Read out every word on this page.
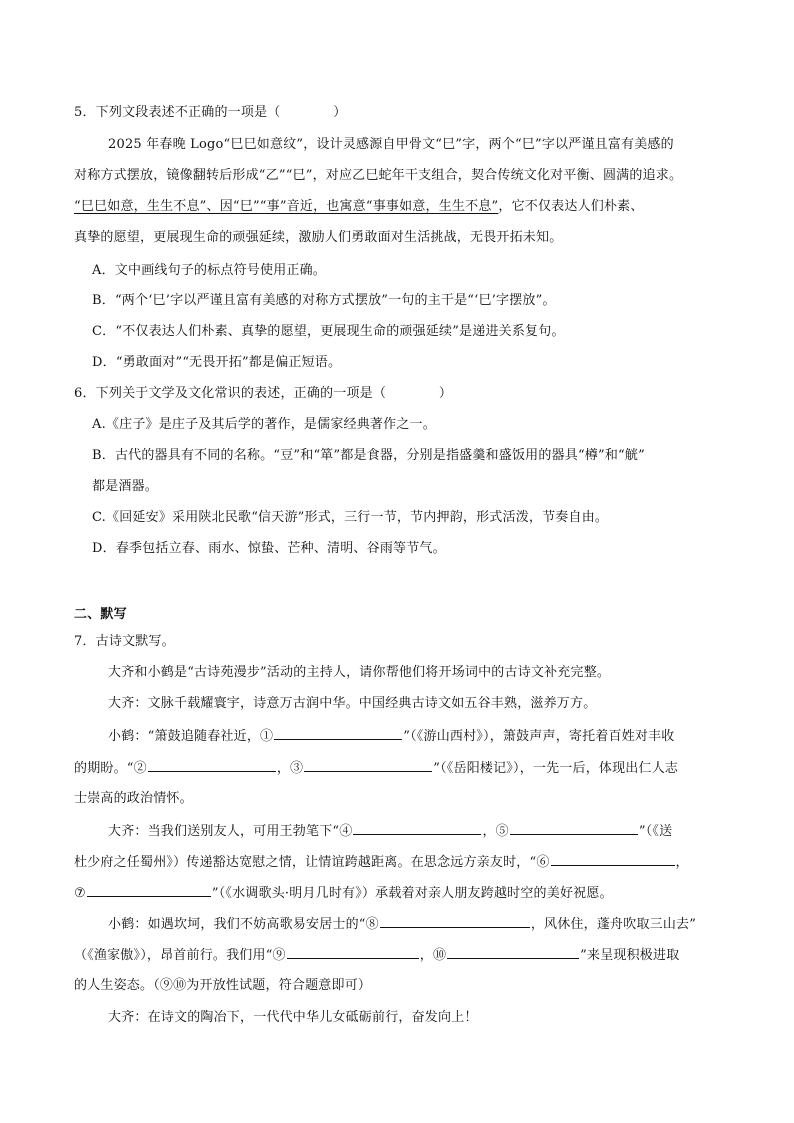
5．下列文段表述不正确的一项是（　　　　）
2025 年春晚 Logo“巳巳如意纹”，设计灵感源自甲骨文“巳”字，两个“巳”字以严谨且富有美感的
对称方式摆放，镜像翻转后形成“乙”“巳”，对应乙巳蛇年干支组合，契合传统文化对平衡、圆满的追求。
“巳巳如意，生生不息”、因“巳”“事”音近，也寓意“事事如意，生生不息”，它不仅表达人们朴素、
真挚的愿望，更展现生命的顽强延续，激励人们勇敢面对生活挑战，无畏开拓未知。
A．文中画线句子的标点符号使用正确。
B．“两个‘巳’字以严谨且富有美感的对称方式摆放”一句的主干是“‘巳’字摆放”。
C．“不仅表达人们朴素、真挚的愿望，更展现生命的顽强延续”是递进关系复句。
D．“勇敢面对”“无畏开拓”都是偏正短语。
6．下列关于文学及文化常识的表述，正确的一项是（　　　　）
A.《庄子》是庄子及其后学的著作，是儒家经典著作之一。
B．古代的器具有不同的名称。“豆”和“箪”都是食器，分别是指盛羹和盛饭用的器具“樽”和“觥”
都是酒器。
C.《回延安》采用陕北民歌“信天游”形式，三行一节，节内押韵，形式活泼，节奏自由。
D．春季包括立春、雨水、惊蛰、芒种、清明、谷雨等节气。
二、默写
7．古诗文默写。
大齐和小鹤是“古诗苑漫步”活动的主持人，请你帮他们将开场词中的古诗文补充完整。
大齐：文脉千载耀寰宇，诗意万古润中华。中国经典古诗文如五谷丰熟，滋养万方。
小鹤：“箫鼓追随春社近，①	”（《游山西村》），箫鼓声声，寄托着百姓对丰收
的期盼。“②	，③	”（《岳阳楼记》），一先一后，体现出仁人志
士崇高的政治情怀。
大齐：当我们送别友人，可用王勃笔下“④	，⑤	”（《送
杜少府之任蜀州》）传递豁达宽慰之情，让情谊跨越距离。在思念远方亲友时，“⑥	，
⑦	”（《水调歌头·明月几时有》）承载着对亲人朋友跨越时空的美好祝愿。
小鹤：如遇坎坷，我们不妨高歌易安居士的“⑧	，风休住，蓬舟吹取三山去”
（《渔家傲》），昂首前行。我们用“⑨	，⑩	”来呈现积极进取
的人生姿态。（⑨⑩为开放性试题，符合题意即可）
大齐：在诗文的陶冶下，一代代中华儿女砥砺前行，奋发向上！
